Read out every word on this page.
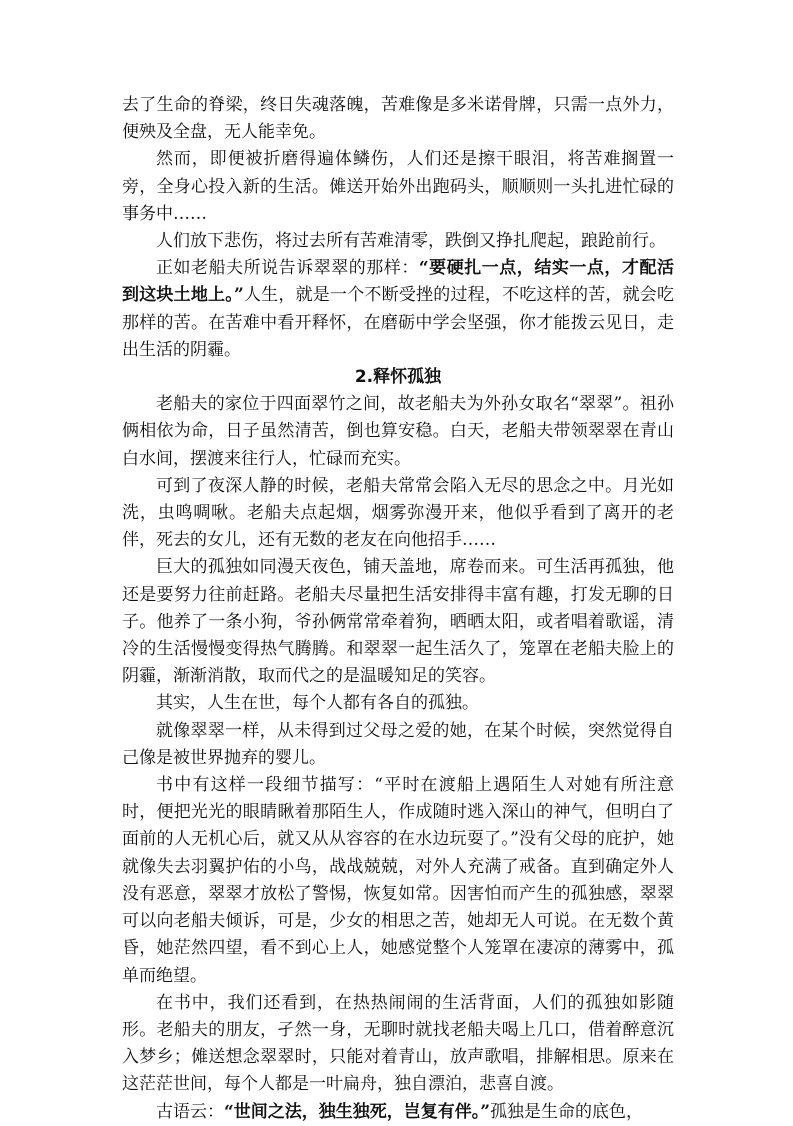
去了生命的脊梁，终日失魂落魄，苦难像是多米诺骨牌，只需一点外力，便殃及全盘，无人能幸免。

然而，即便被折磨得遍体鳞伤，人们还是擦干眼泪，将苦难搁置一旁，全身心投入新的生活。傩送开始外出跑码头，顺顺则一头扎进忙碌的事务中……

人们放下悲伤，将过去所有苦难清零，跌倒又挣扎爬起，踉跄前行。

正如老船夫所说告诉翠翠的那样：“要硬扎一点，结实一点，才配活到这块土地上。”人生，就是一个不断受挫的过程，不吃这样的苦，就会吃那样的苦。在苦难中看开释怀，在磨砺中学会坚强，你才能拨云见日，走出生活的阴霾。

2.释怀孤独

老船夫的家位于四面翠竹之间，故老船夫为外孙女取名“翠翠”。祖孙俩相依为命，日子虽然清苦，倒也算安稳。白天，老船夫带领翠翠在青山白水间，摆渡来往行人，忙碌而充实。

可到了夜深人静的时候，老船夫常常会陷入无尽的思念之中。月光如洗，虫鸣啁啾。老船夫点起烟，烟雾弥漫开来，他似乎看到了离开的老伴，死去的女儿，还有无数的老友在向他招手……

巨大的孤独如同漫天夜色，铺天盖地，席卷而来。可生活再孤独，他还是要努力往前赶路。老船夫尽量把生活安排得丰富有趣，打发无聊的日子。他养了一条小狗，爷孙俩常常牵着狗，晒晒太阳，或者唱着歌谣，清冷的生活慢慢变得热气腾腾。和翠翠一起生活久了，笼罩在老船夫脸上的阴霾，渐渐消散，取而代之的是温暖知足的笑容。

其实，人生在世，每个人都有各自的孤独。

就像翠翠一样，从未得到过父母之爱的她，在某个时候，突然觉得自己像是被世界抛弃的婴儿。

书中有这样一段细节描写：“平时在渡船上遇陌生人对她有所注意时，便把光光的眼睛瞅着那陌生人，作成随时逃入深山的神气，但明白了面前的人无机心后，就又从从容容的在水边玩耍了。”没有父母的庇护，她就像失去羽翼护佑的小鸟，战战兢兢，对外人充满了戒备。直到确定外人没有恶意，翠翠才放松了警惕，恢复如常。因害怕而产生的孤独感，翠翠可以向老船夫倾诉，可是，少女的相思之苦，她却无人可说。在无数个黄昏，她茫然四望，看不到心上人，她感觉整个人笼罩在凄凉的薄雾中，孤单而绝望。

在书中，我们还看到，在热热闹闹的生活背面，人们的孤独如影随形。老船夫的朋友，孑然一身，无聊时就找老船夫喝上几口，借着醉意沉入梦乡；傩送想念翠翠时，只能对着青山，放声歌唱，排解相思。原来在这茫茫世间，每个人都是一叶扁舟，独自漂泊，悲喜自渡。

古语云：“世间之法，独生独死，岂复有伴。”孤独是生命的底色，
